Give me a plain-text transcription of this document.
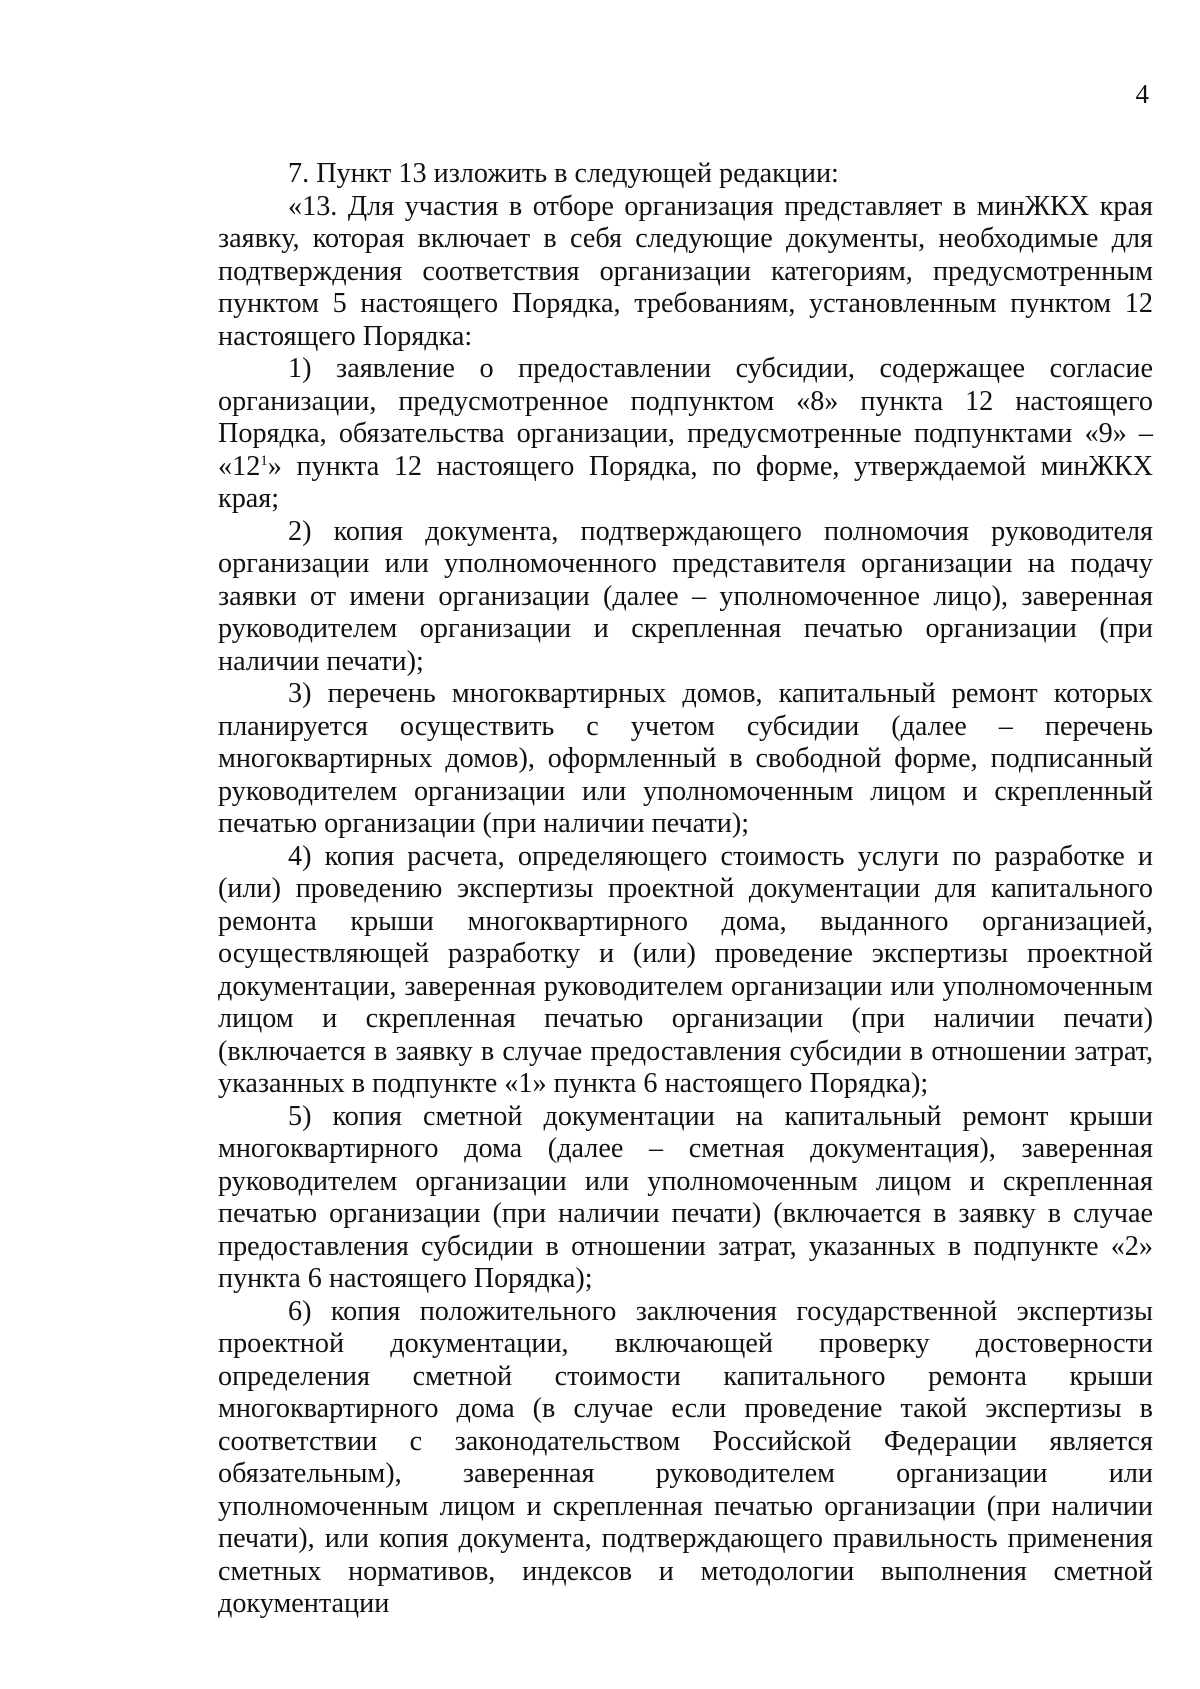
4

7. Пункт 13 изложить в следующей редакции:

«13. Для участия в отборе организация представляет в минЖКХ края заявку, которая включает в себя следующие документы, необходимые для подтверждения соответствия организации категориям, предусмотренным пунктом 5 настоящего Порядка, требованиям, установленным пунктом 12 настоящего Порядка:

1) заявление о предоставлении субсидии, содержащее согласие организации, предусмотренное подпунктом «8» пункта 12 настоящего Порядка, обязательства организации, предусмотренные подпунктами «9» – «$12^1$» пункта 12 настоящего Порядка, по форме, утверждаемой минЖКХ края;

2) копия документа, подтверждающего полномочия руководителя организации или уполномоченного представителя организации на подачу заявки от имени организации (далее – уполномоченное лицо), заверенная руководителем организации и скрепленная печатью организации (при наличии печати);

3) перечень многоквартирных домов, капитальный ремонт которых планируется осуществить с учетом субсидии (далее – перечень многоквартирных домов), оформленный в свободной форме, подписанный руководителем организации или уполномоченным лицом и скрепленный печатью организации (при наличии печати);

4) копия расчета, определяющего стоимость услуги по разработке и (или) проведению экспертизы проектной документации для капитального ремонта крыши многоквартирного дома, выданного организацией, осуществляющей разработку и (или) проведение экспертизы проектной документации, заверенная руководителем организации или уполномоченным лицом и скрепленная печатью организации (при наличии печати) (включается в заявку в случае предоставления субсидии в отношении затрат, указанных в подпункте «1» пункта 6 настоящего Порядка);

5) копия сметной документации на капитальный ремонт крыши многоквартирного дома (далее – сметная документация), заверенная руководителем организации или уполномоченным лицом и скрепленная печатью организации (при наличии печати) (включается в заявку в случае предоставления субсидии в отношении затрат, указанных в подпункте «2» пункта 6 настоящего Порядка);

6) копия положительного заключения государственной экспертизы проектной документации, включающей проверку достоверности определения сметной стоимости капитального ремонта крыши многоквартирного дома (в случае если проведение такой экспертизы в соответствии с законодательством Российской Федерации является обязательным), заверенная руководителем организации или уполномоченным лицом и скрепленная печатью организации (при наличии печати), или копия документа, подтверждающего правильность применения сметных нормативов, индексов и методологии выполнения сметной документации
